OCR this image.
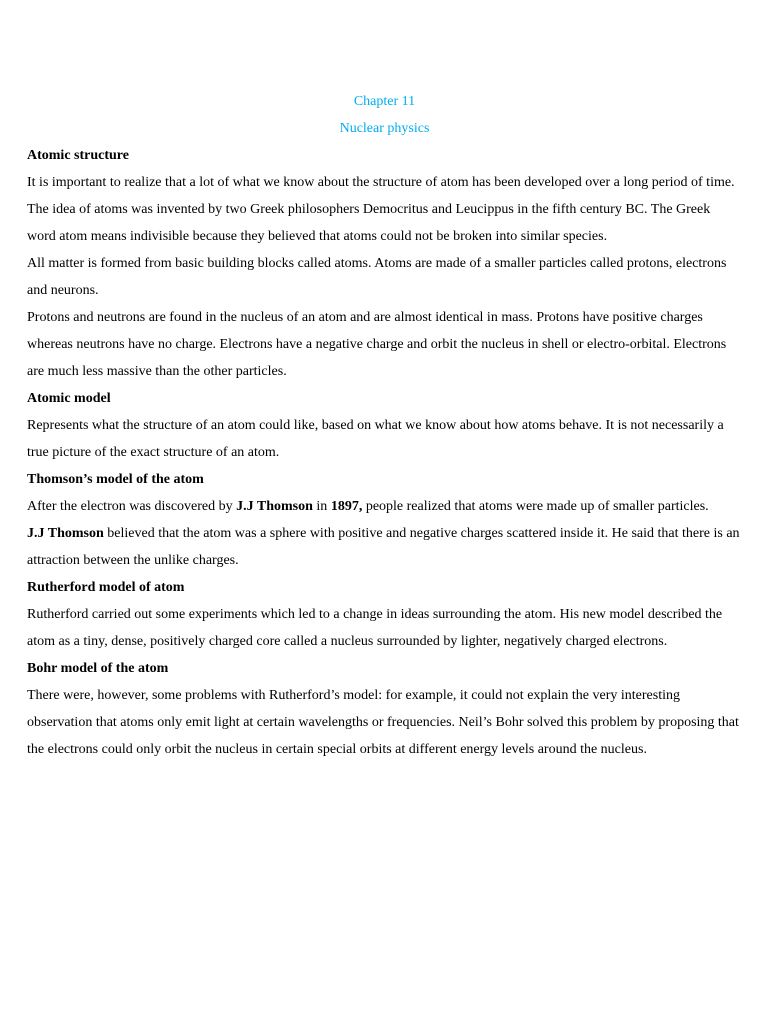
Chapter 11
Nuclear physics
Atomic structure

It is important to realize that a lot of what we know about the structure of atom has been developed over a long period of time.

The idea of atoms was invented by two Greek philosophers Democritus and Leucippus in the fifth century BC. The Greek word atom means indivisible because they believed that atoms could not be broken into similar species.

All matter is formed from basic building blocks called atoms. Atoms are made of a smaller particles called protons, electrons and neurons.

Protons and neutrons are found in the nucleus of an atom and are almost identical in mass. Protons have positive charges whereas neutrons have no charge. Electrons have a negative charge and orbit the nucleus in shell or electro-orbital. Electrons are much less massive than the other particles.

Atomic model

Represents what the structure of an atom could like, based on what we know about how atoms behave. It is not necessarily a true picture of the exact structure of an atom.

Thomson’s model of the atom

After the electron was discovered by J.J Thomson in 1897, people realized that atoms were made up of smaller particles.

J.J Thomson believed that the atom was a sphere with positive and negative charges scattered inside it. He said that there is an attraction between the unlike charges.

Rutherford model of atom

Rutherford carried out some experiments which led to a change in ideas surrounding the atom. His new model described the atom as a tiny, dense, positively charged core called a nucleus surrounded by lighter, negatively charged electrons.

Bohr model of the atom

There were, however, some problems with Rutherford’s model: for example, it could not explain the very interesting observation that atoms only emit light at certain wavelengths or frequencies. Neil’s Bohr solved this problem by proposing that the electrons could only orbit the nucleus in certain special orbits at different energy levels around the nucleus.
